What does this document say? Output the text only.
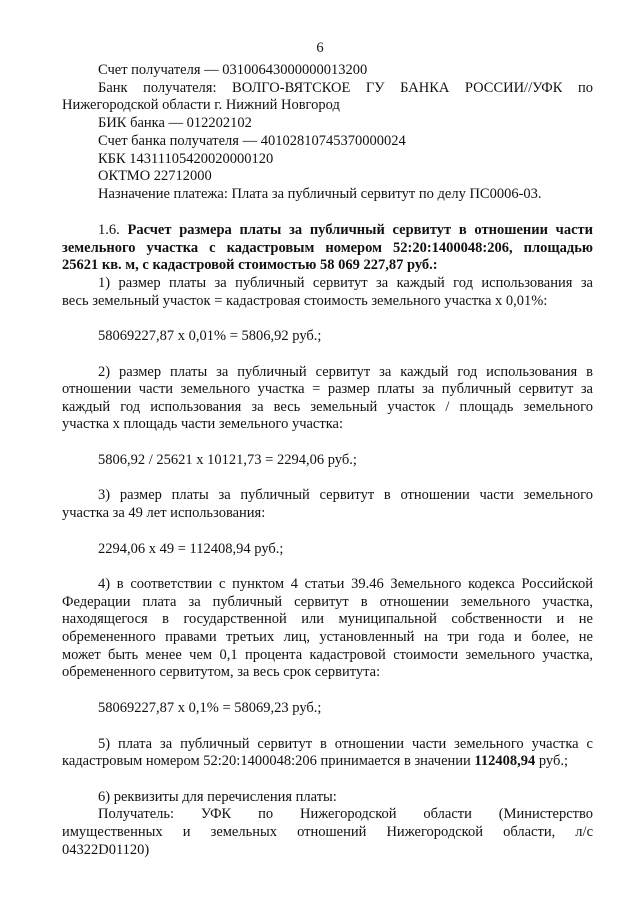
6
Счет получателя — 03100643000000013200
Банк получателя: ВОЛГО-ВЯТСКОЕ ГУ БАНКА РОССИИ//УФК по
Нижегородской области г. Нижний Новгород
БИК банка — 012202102
Счет банка получателя — 40102810745370000024
КБК 14311105420020000120
ОКТМО 22712000
Назначение платежа: Плата за публичный сервитут по делу ПС0006-03.
1.6. Расчет размера платы за публичный сервитут в отношении части
земельного участка с кадастровым номером 52:20:1400048:206, площадью
25621 кв. м, с кадастровой стоимостью 58 069 227,87 руб.:
1) размер платы за публичный сервитут за каждый год использования за
весь земельный участок = кадастровая стоимость земельного участка х 0,01%:
58069227,87 х 0,01% = 5806,92 руб.;
2) размер платы за публичный сервитут за каждый год использования в
отношении части земельного участка = размер платы за публичный сервитут за
каждый год использования за весь земельный участок / площадь земельного
участка х площадь части земельного участка:
5806,92 / 25621 х 10121,73 = 2294,06 руб.;
3) размер платы за публичный сервитут в отношении части земельного
участка за 49 лет использования:
2294,06 х 49 = 112408,94 руб.;
4) в соответствии с пунктом 4 статьи 39.46 Земельного кодекса Российской
Федерации плата за публичный сервитут в отношении земельного участка,
находящегося в государственной или муниципальной собственности и не
обремененного правами третьих лиц, установленный на три года и более, не
может быть менее чем 0,1 процента кадастровой стоимости земельного участка,
обремененного сервитутом, за весь срок сервитута:
58069227,87 х 0,1% = 58069,23 руб.;
5) плата за публичный сервитут в отношении части земельного участка с
кадастровым номером 52:20:1400048:206 принимается в значении 112408,94 руб.;
6) реквизиты для перечисления платы:
Получатель: УФК по Нижегородской области (Министерство
имущественных и земельных отношений Нижегородской области, л/с
04322D01120)
